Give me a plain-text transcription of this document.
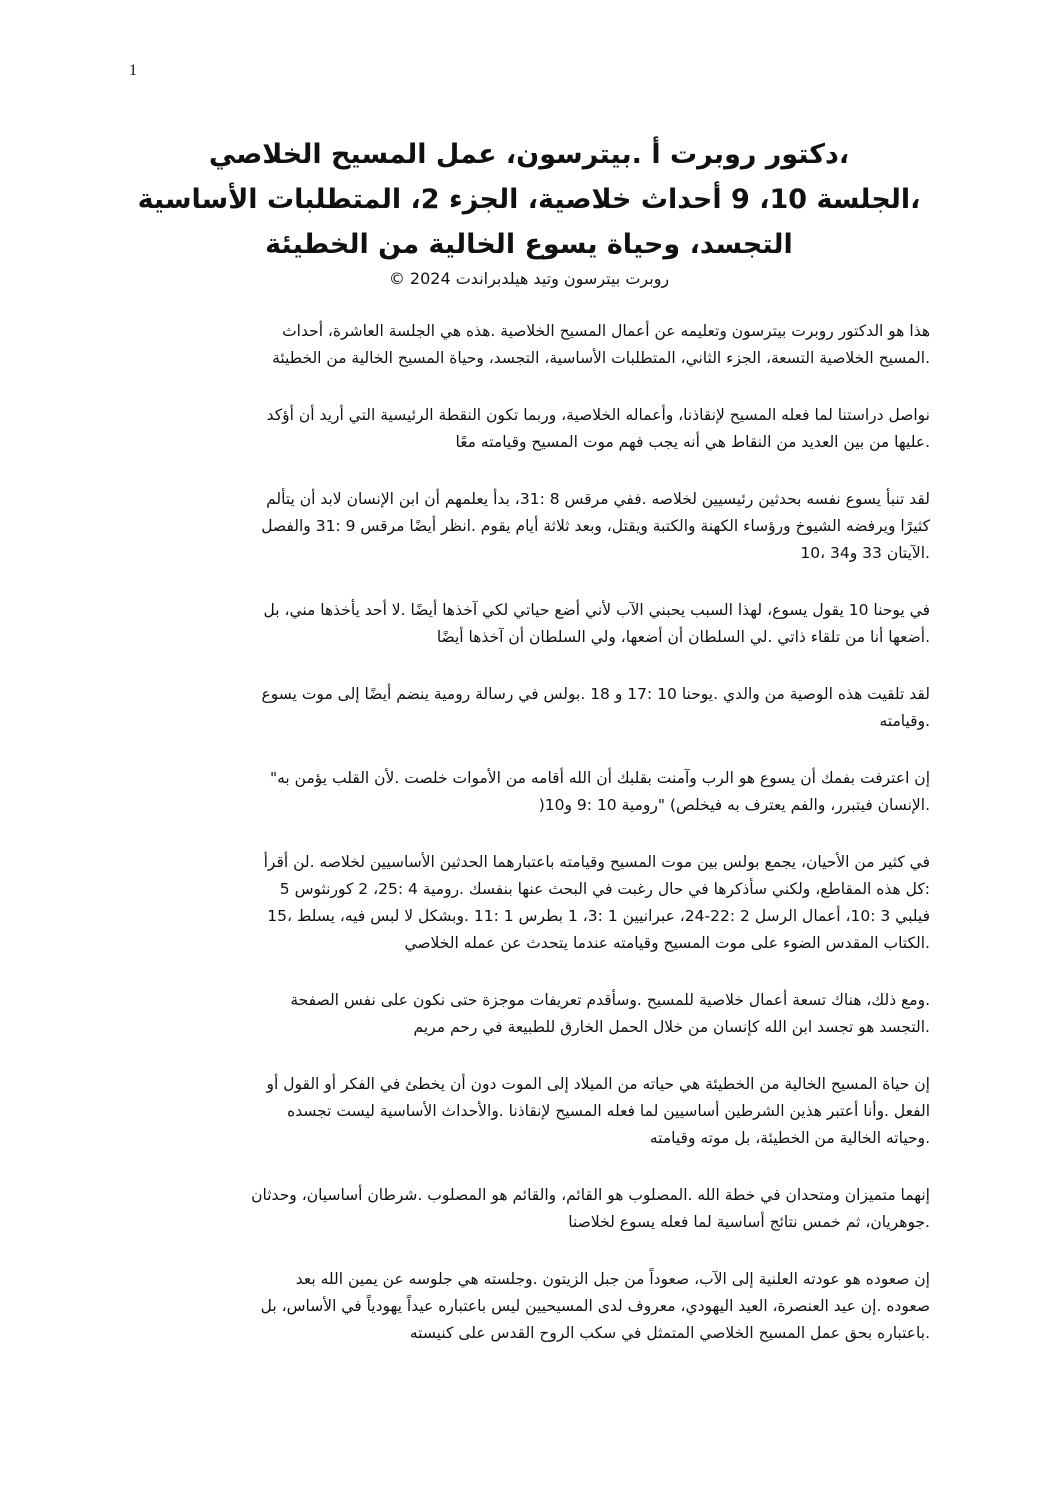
1
،دكتور روبرت أ .بيترسون، عمل المسيح الخلاصي
،الجلسة 10، 9 أحداث خلاصية، الجزء 2، المتطلبات الأساسية
التجسد، وحياة يسوع الخالية من الخطيئة
روبرت بيترسون وتيد هيلدبراندت 2024 ©
هذا هو الدكتور روبرت بيترسون وتعليمه عن أعمال المسيح الخلاصية .هذه هي الجلسة العاشرة، أحداث
.المسيح الخلاصية التسعة، الجزء الثاني، المتطلبات الأساسية، التجسد، وحياة المسيح الخالية من الخطيئة
نواصل دراستنا لما فعله المسيح لإنقاذنا، وأعماله الخلاصية، وربما تكون النقطة الرئيسية التي أريد أن أؤكد
.عليها من بين العديد من النقاط هي أنه يجب فهم موت المسيح وقيامته معًا
لقد تنبأ يسوع نفسه بحدثين رئيسيين لخلاصه .ففي مرقس 8 :31، بدأ يعلمهم أن ابن الإنسان لابد أن يتألم
كثيرًا ويرفضه الشيوخ ورؤساء الكهنة والكتبة ويقتل، وبعد ثلاثة أيام يقوم .انظر أيضًا مرقس 9 :31 والفصل
.الآيتان 33 و34 ،10
في يوحنا 10 يقول يسوع، لهذا السبب يحبني الآب لأني أضع حياتي لكي آخذها أيضًا .لا أحد يأخذها مني، بل
.أضعها أنا من تلقاء ذاتي .لي السلطان أن أضعها، ولي السلطان أن آخذها أيضًا
لقد تلقيت هذه الوصية من والدي .يوحنا 10 :17 و 18 .بولس في رسالة رومية ينضم أيضًا إلى موت يسوع
.وقيامته
إن اعترفت بفمك أن يسوع هو الرب وآمنت بقلبك أن الله أقامه من الأموات خلصت .لأن القلب يؤمن به"
.الإنسان فيتبرر، والفم يعترف به فيخلص) "رومية 10 :9 و10(
في كثير من الأحيان، يجمع بولس بين موت المسيح وقيامته باعتبارهما الحدثين الأساسيين لخلاصه .لن أقرأ
:كل هذه المقاطع، ولكني سأذكرها في حال رغبت في البحث عنها بنفسك .رومية 4 :25، 2 كورنثوس 5
فيلبي 3 :10، أعمال الرسل 2 :22-24، عبرانيين 1 :3، 1 بطرس 1 :11 .وبشكل لا لبس فيه، يسلط ،15
.الكتاب المقدس الضوء على موت المسيح وقيامته عندما يتحدث عن عمله الخلاصي
.ومع ذلك، هناك تسعة أعمال خلاصية للمسيح .وسأقدم تعريفات موجزة حتى نكون على نفس الصفحة
.التجسد هو تجسد ابن الله كإنسان من خلال الحمل الخارق للطبيعة في رحم مريم
إن حياة المسيح الخالية من الخطيئة هي حياته من الميلاد إلى الموت دون أن يخطئ في الفكر أو القول أو
الفعل .وأنا أعتبر هذين الشرطين أساسيين لما فعله المسيح لإنقاذنا .والأحداث الأساسية ليست تجسده
.وحياته الخالية من الخطيئة، بل موته وقيامته
إنهما متميزان ومتحدان في خطة الله .المصلوب هو القائم، والقائم هو المصلوب .شرطان أساسيان، وحدثان
.جوهريان، ثم خمس نتائج أساسية لما فعله يسوع لخلاصنا
إن صعوده هو عودته العلنية إلى الآب، صعوداً من جبل الزيتون .وجلسته هي جلوسه عن يمين الله بعد
صعوده .إن عيد العنصرة، العيد اليهودي، معروف لدى المسيحيين ليس باعتباره عيداً يهودياً في الأساس، بل
.باعتباره بحق عمل المسيح الخلاصي المتمثل في سكب الروح القدس على كنيسته
